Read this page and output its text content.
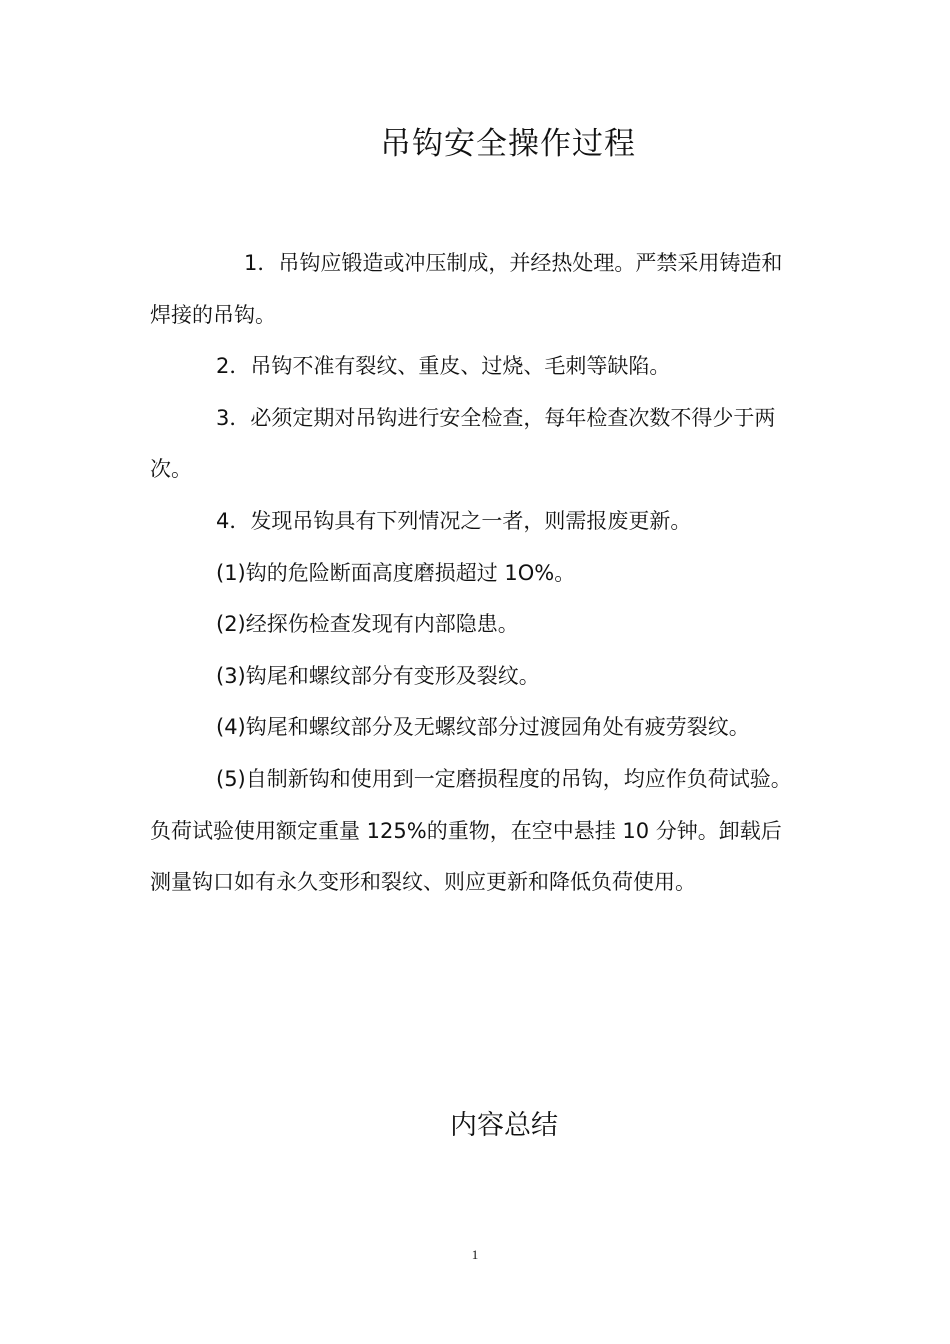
吊钩安全操作过程

1．吊钩应锻造或冲压制成，并经热处理。严禁采用铸造和焊接的吊钩。

2．吊钩不准有裂纹、重皮、过烧、毛刺等缺陷。

3．必须定期对吊钩进行安全检查，每年检查次数不得少于两次。

4．发现吊钩具有下列情况之一者，则需报废更新。

(1)钩的危险断面高度磨损超过 1O%。

(2)经探伤检查发现有内部隐患。

(3)钩尾和螺纹部分有变形及裂纹。

(4)钩尾和螺纹部分及无螺纹部分过渡园角处有疲劳裂纹。

(5)自制新钩和使用到一定磨损程度的吊钩，均应作负荷试验。负荷试验使用额定重量 125%的重物，在空中悬挂 10 分钟。卸载后测量钩口如有永久变形和裂纹、则应更新和降低负荷使用。

内容总结
1
